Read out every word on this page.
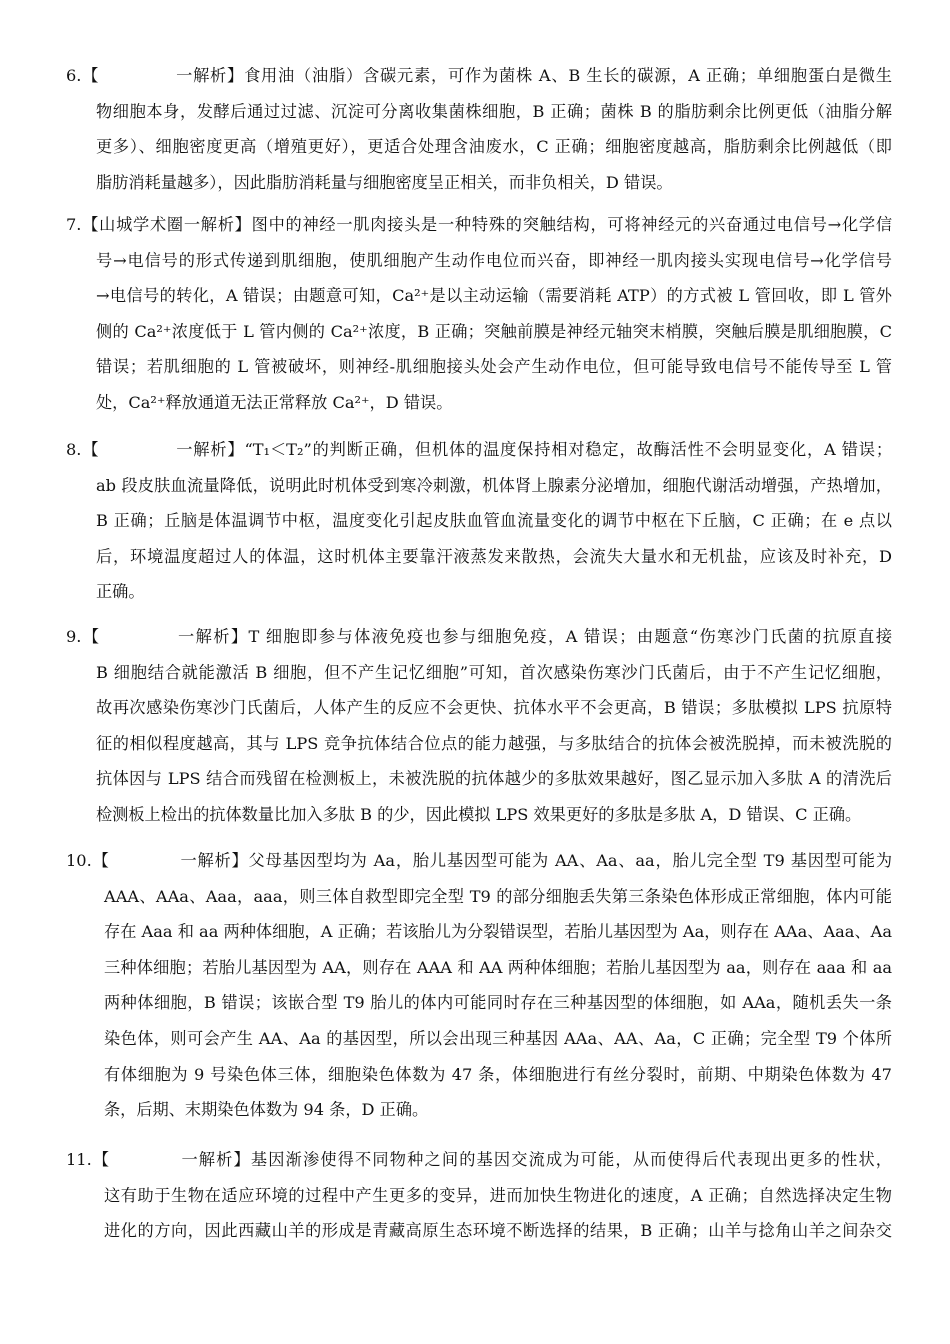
6.【	一解析】食用油（油脂）含碳元素，可作为菌株 A、B 生长的碳源，A 正确；单细胞蛋白是微生
物细胞本身，发酵后通过过滤、沉淀可分离收集菌株细胞，B 正确；菌株 B 的脂肪剩余比例更低（油脂分解
更多）、细胞密度更高（增殖更好），更适合处理含油废水，C 正确；细胞密度越高，脂肪剩余比例越低（即
脂肪消耗量越多），因此脂肪消耗量与细胞密度呈正相关，而非负相关，D 错误。
7.【山城学术圈一解析】图中的神经一肌肉接头是一种特殊的突触结构，可将神经元的兴奋通过电信号→化学信
号→电信号的形式传递到肌细胞，使肌细胞产生动作电位而兴奋，即神经一肌肉接头实现电信号→化学信号
→电信号的转化，A 错误；由题意可知，Ca²⁺是以主动运输（需要消耗 ATP）的方式被 L 管回收，即 L 管外
侧的 Ca²⁺浓度低于 L 管内侧的 Ca²⁺浓度，B 正确；突触前膜是神经元轴突末梢膜，突触后膜是肌细胞膜，C
错误；若肌细胞的 L 管被破坏，则神经-肌细胞接头处会产生动作电位，但可能导致电信号不能传导至 L 管
处，Ca²⁺释放通道无法正常释放 Ca²⁺，D 错误。
8.【	一解析】“T₁＜T₂”的判断正确，但机体的温度保持相对稳定，故酶活性不会明显变化，A 错误；
ab 段皮肤血流量降低，说明此时机体受到寒冷刺激，机体肾上腺素分泌增加，细胞代谢活动增强，产热增加，
B 正确；丘脑是体温调节中枢，温度变化引起皮肤血管血流量变化的调节中枢在下丘脑，C 正确；在 e 点以
后，环境温度超过人的体温，这时机体主要靠汗液蒸发来散热，会流失大量水和无机盐，应该及时补充，D
正确。
9.【	一解析】T 细胞即参与体液免疫也参与细胞免疫，A 错误；由题意“伤寒沙门氏菌的抗原直接
B 细胞结合就能激活 B 细胞，但不产生记忆细胞”可知，首次感染伤寒沙门氏菌后，由于不产生记忆细胞，
故再次感染伤寒沙门氏菌后，人体产生的反应不会更快、抗体水平不会更高，B 错误；多肽模拟 LPS 抗原特
征的相似程度越高，其与 LPS 竞争抗体结合位点的能力越强，与多肽结合的抗体会被洗脱掉，而未被洗脱的
抗体因与 LPS 结合而残留在检测板上，未被洗脱的抗体越少的多肽效果越好，图乙显示加入多肽 A 的清洗后
检测板上检出的抗体数量比加入多肽 B 的少，因此模拟 LPS 效果更好的多肽是多肽 A，D 错误、C 正确。
10.【	一解析】父母基因型均为 Aa，胎儿基因型可能为 AA、Aa、aa，胎儿完全型 T9 基因型可能为
AAA、AAa、Aaa，aaa，则三体自救型即完全型 T9 的部分细胞丢失第三条染色体形成正常细胞，体内可能
存在 Aaa 和 aa 两种体细胞，A 正确；若该胎儿为分裂错误型，若胎儿基因型为 Aa，则存在 AAa、Aaa、Aa
三种体细胞；若胎儿基因型为 AA，则存在 AAA 和 AA 两种体细胞；若胎儿基因型为 aa，则存在 aaa 和 aa
两种体细胞，B 错误；该嵌合型 T9 胎儿的体内可能同时存在三种基因型的体细胞，如 AAa，随机丢失一条
染色体，则可会产生 AA、Aa 的基因型，所以会出现三种基因 AAa、AA、Aa，C 正确；完全型 T9 个体所
有体细胞为 9 号染色体三体，细胞染色体数为 47 条，体细胞进行有丝分裂时，前期、中期染色体数为 47
条，后期、末期染色体数为 94 条，D 正确。
11.【	一解析】基因渐渗使得不同物种之间的基因交流成为可能，从而使得后代表现出更多的性状，
这有助于生物在适应环境的过程中产生更多的变异，进而加快生物进化的速度，A 正确；自然选择决定生物
进化的方向，因此西藏山羊的形成是青藏高原生态环境不断选择的结果，B 正确；山羊与捻角山羊之间杂交
